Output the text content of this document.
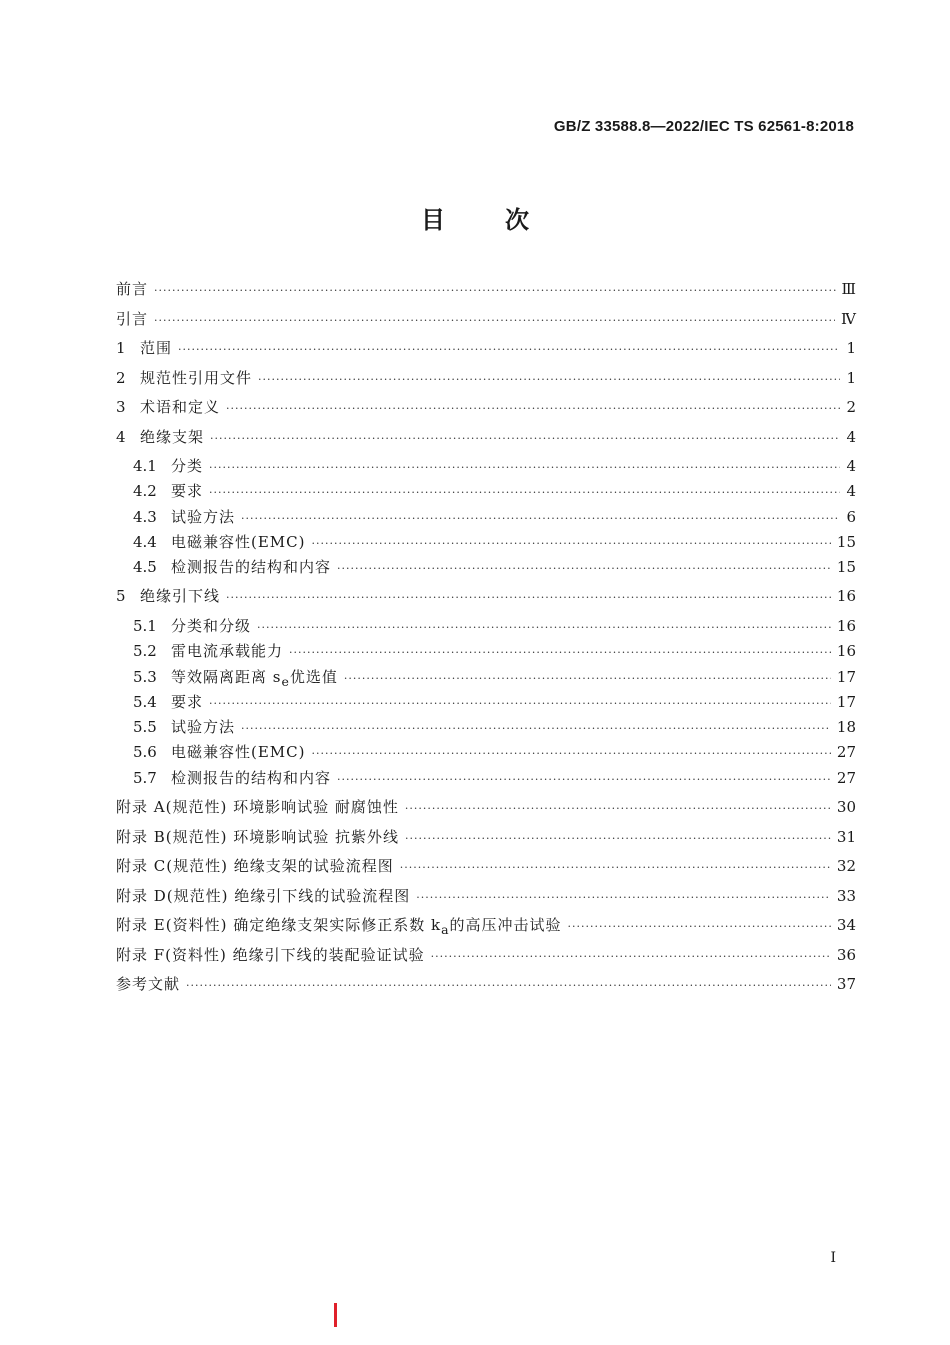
GB/Z 33588.8—2022/IEC TS 62561-8:2018
目次
前言 ·····	Ⅲ
引言 ·····	Ⅳ
1 范围 ·····	1
2 规范性引用文件 ·····	1
3 术语和定义 ·····	2
4 绝缘支架 ·····	4
4.1 分类 ·····	4
4.2 要求 ·····	4
4.3 试验方法 ·····	6
4.4 电磁兼容性(EMC) ·····	15
4.5 检测报告的结构和内容 ·····	15
5 绝缘引下线 ·····	16
5.1 分类和分级 ·····	16
5.2 雷电流承载能力 ·····	16
5.3 等效隔离距离 $s_e$优选值 ·····	17
5.4 要求 ·····	17
5.5 试验方法 ·····	18
5.6 电磁兼容性(EMC) ·····	27
5.7 检测报告的结构和内容 ·····	27
附录 A(规范性) 环境影响试验 耐腐蚀性 ·····	30
附录 B(规范性) 环境影响试验 抗紫外线 ·····	31
附录 C(规范性) 绝缘支架的试验流程图 ·····	32
附录 D(规范性) 绝缘引下线的试验流程图 ·····	33
附录 E(资料性) 确定绝缘支架实际修正系数 $k_a$的高压冲击试验 ·····	34
附录 F(资料性) 绝缘引下线的装配验证试验 ·····	36
参考文献 ·····	37
I
